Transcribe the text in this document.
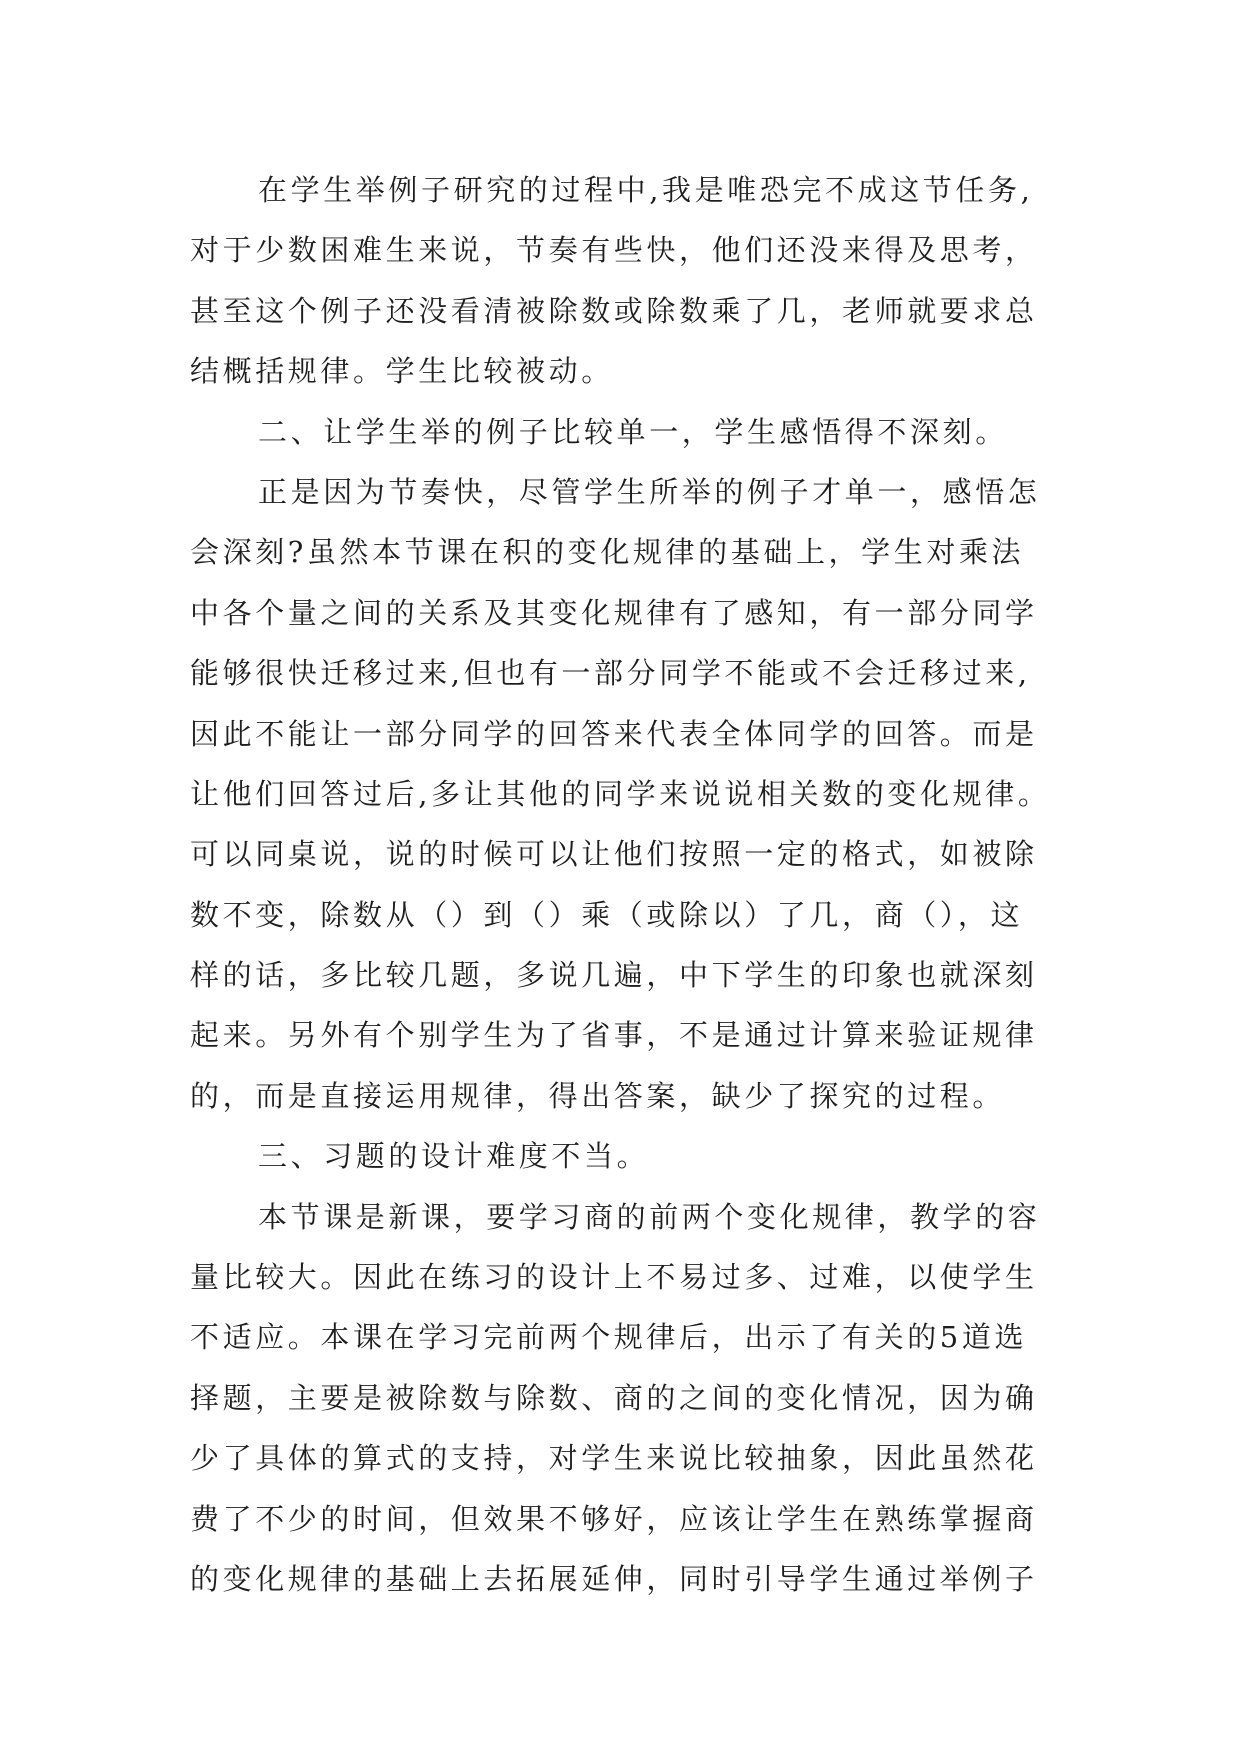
在学生举例子研究的过程中,我是唯恐完不成这节任务,
对于少数困难生来说，节奏有些快，他们还没来得及思考，
甚至这个例子还没看清被除数或除数乘了几，老师就要求总
结概括规律。学生比较被动。
二、让学生举的例子比较单一，学生感悟得不深刻。
正是因为节奏快，尽管学生所举的例子才单一，感悟怎
会深刻?虽然本节课在积的变化规律的基础上，学生对乘法
中各个量之间的关系及其变化规律有了感知，有一部分同学
能够很快迁移过来,但也有一部分同学不能或不会迁移过来,
因此不能让一部分同学的回答来代表全体同学的回答。而是
让他们回答过后,多让其他的同学来说说相关数的变化规律。
可以同桌说，说的时候可以让他们按照一定的格式，如被除
数不变，除数从（）到（）乘（或除以）了几，商（），这
样的话，多比较几题，多说几遍，中下学生的印象也就深刻
起来。另外有个别学生为了省事，不是通过计算来验证规律
的，而是直接运用规律，得出答案，缺少了探究的过程。
三、习题的设计难度不当。
本节课是新课，要学习商的前两个变化规律，教学的容
量比较大。因此在练习的设计上不易过多、过难，以使学生
不适应。本课在学习完前两个规律后，出示了有关的5道选
择题，主要是被除数与除数、商的之间的变化情况，因为确
少了具体的算式的支持，对学生来说比较抽象，因此虽然花
费了不少的时间，但效果不够好，应该让学生在熟练掌握商
的变化规律的基础上去拓展延伸，同时引导学生通过举例子
